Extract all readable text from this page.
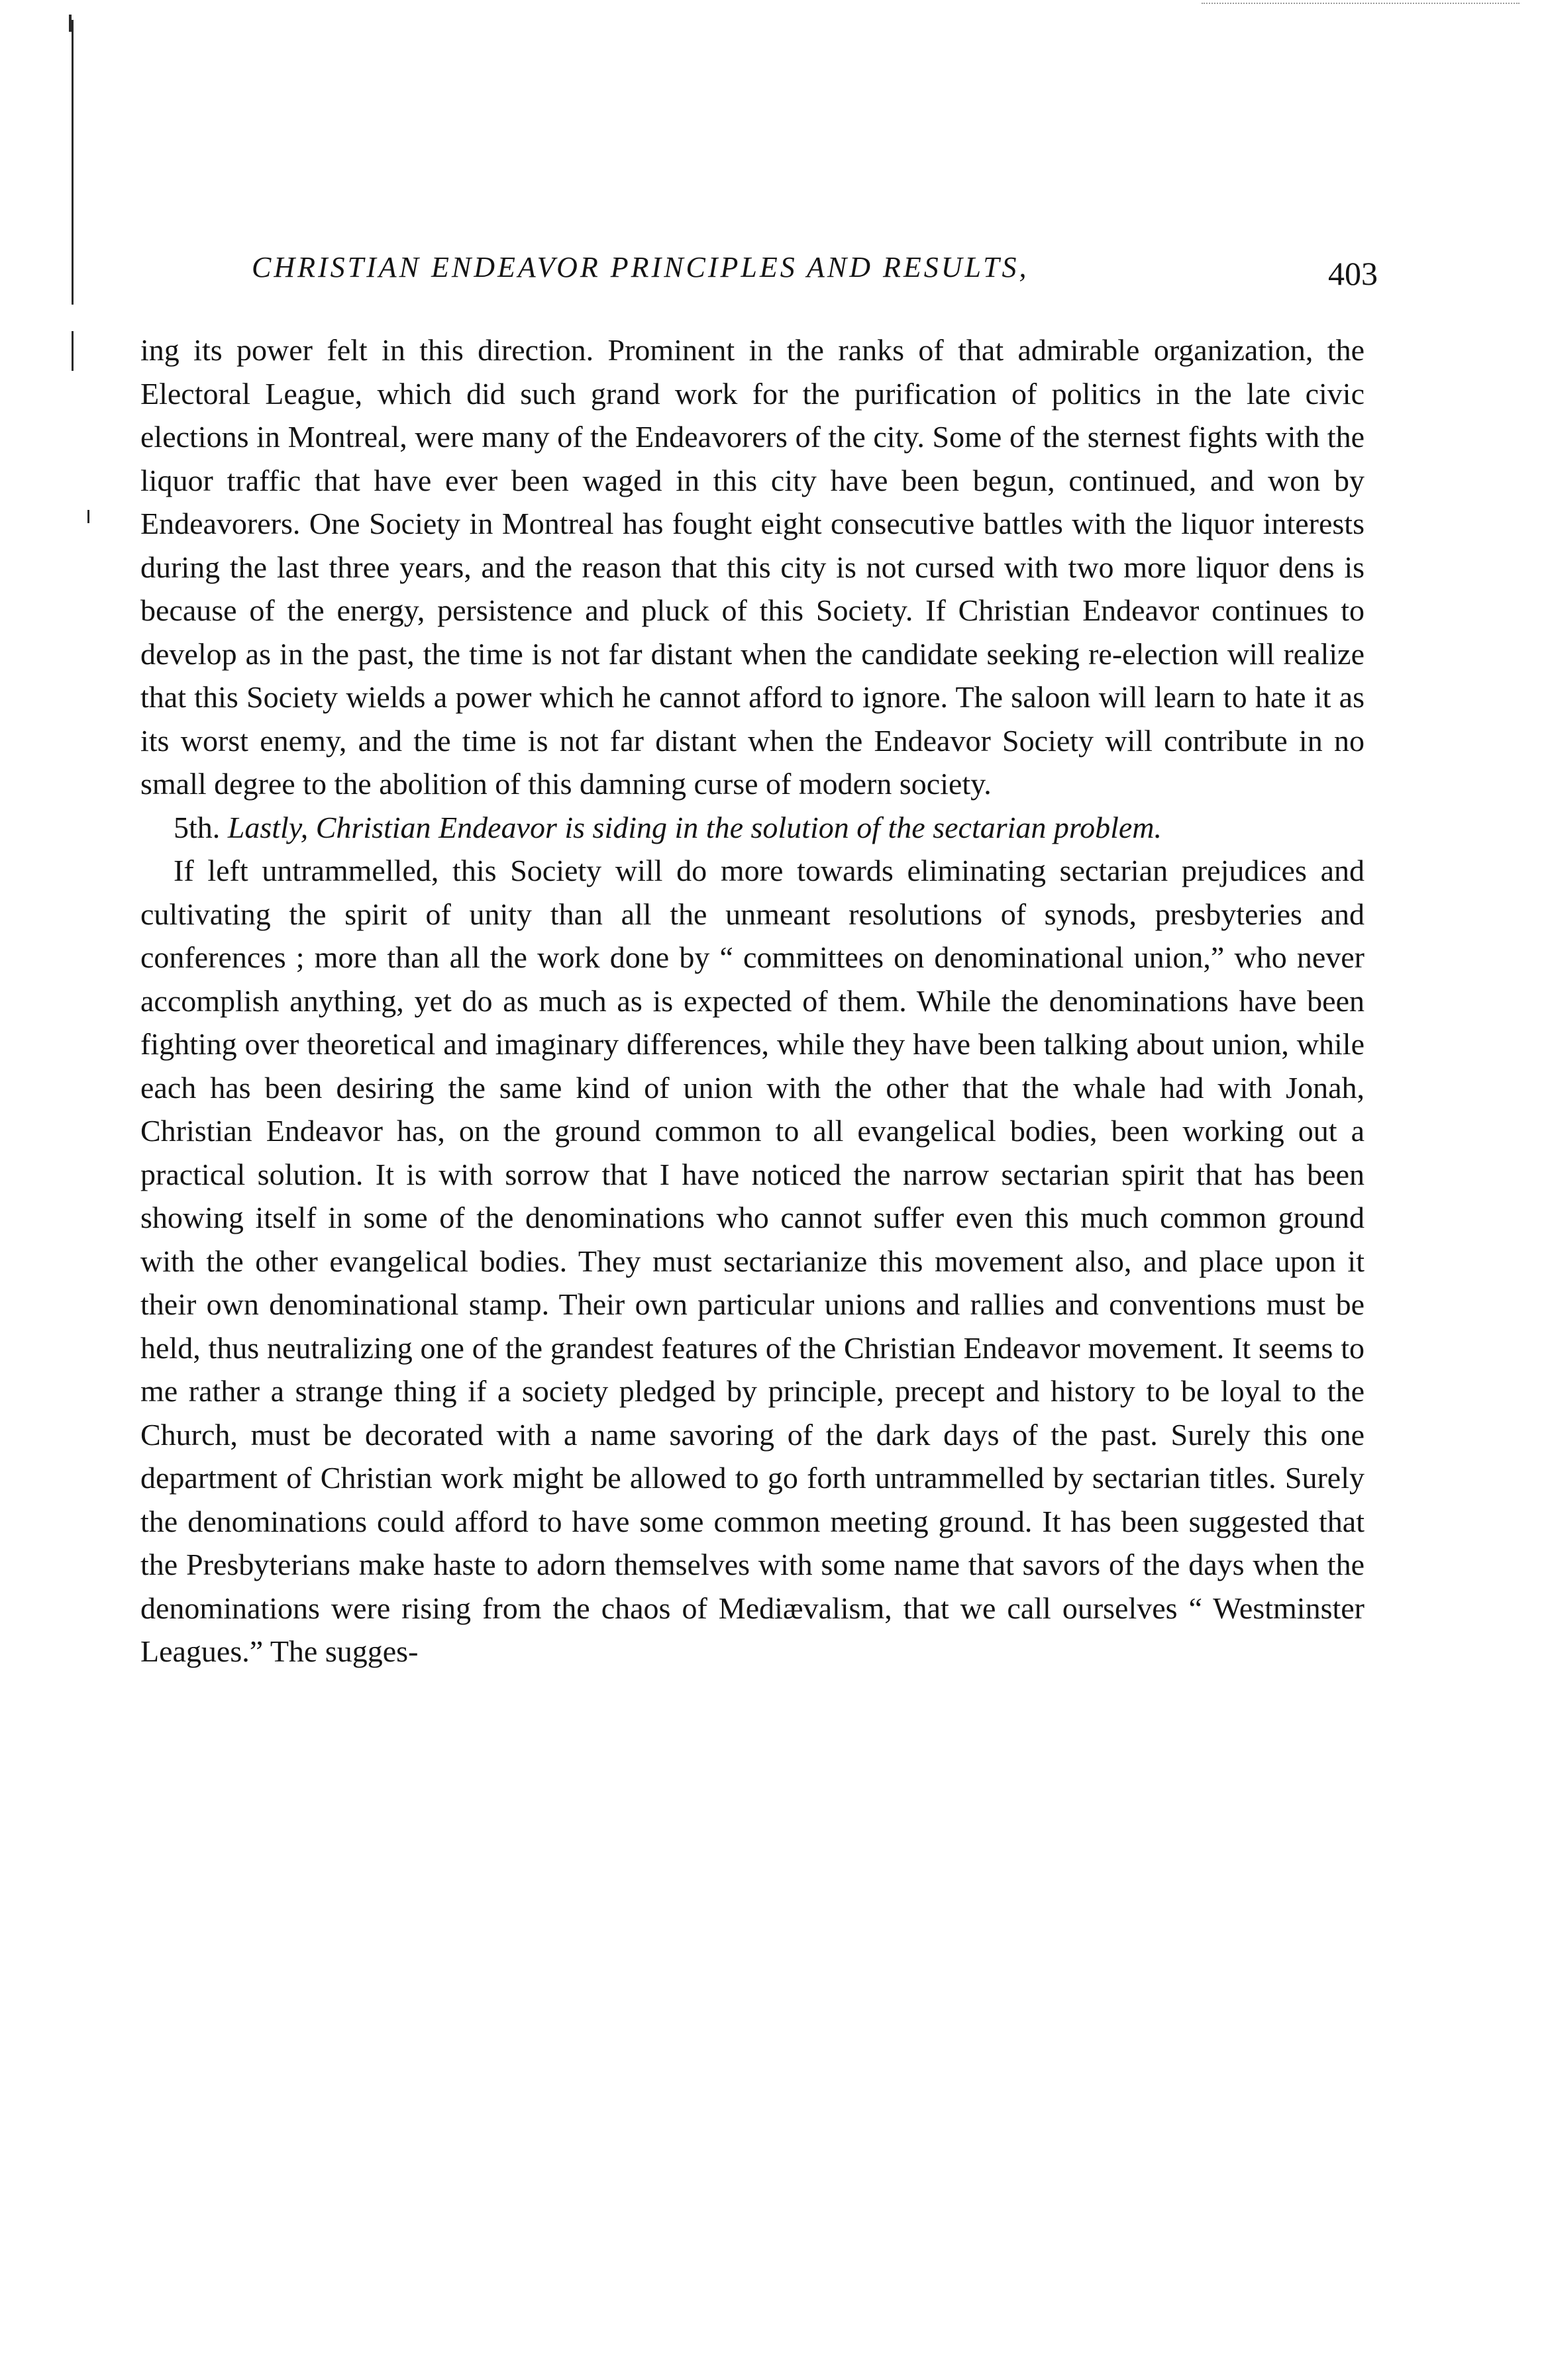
CHRISTIAN ENDEAVOR PRINCIPLES AND RESULTS,	403

ing its power felt in this direction. Prominent in the ranks of that admirable organization, the Electoral League, which did such grand work for the purification of politics in the late civic elections in Montreal, were many of the Endeavorers of the city. Some of the sternest fights with the liquor traffic that have ever been waged in this city have been begun, continued, and won by Endeavorers. One Society in Montreal has fought eight consecutive battles with the liquor interests during the last three years, and the reason that this city is not cursed with two more liquor dens is because of the energy, persistence and pluck of this Society. If Christian Endeavor continues to develop as in the past, the time is not far distant when the candidate seeking re-election will realize that this Society wields a power which he cannot afford to ignore. The saloon will learn to hate it as its worst enemy, and the time is not far distant when the Endeavor Society will contribute in no small degree to the abolition of this damning curse of modern society.

5th. Lastly, Christian Endeavor is siding in the solution of the sectarian problem.

If left untrammelled, this Society will do more towards eliminating sectarian prejudices and cultivating the spirit of unity than all the unmeant resolutions of synods, presbyteries and conferences ; more than all the work done by “ committees on denominational union,” who never accomplish anything, yet do as much as is expected of them. While the denominations have been fighting over theoretical and imaginary differences, while they have been talking about union, while each has been desiring the same kind of union with the other that the whale had with Jonah, Christian Endeavor has, on the ground common to all evangelical bodies, been working out a practical solution. It is with sorrow that I have noticed the narrow sectarian spirit that has been showing itself in some of the denominations who cannot suffer even this much common ground with the other evangelical bodies. They must sectarianize this movement also, and place upon it their own denominational stamp. Their own particular unions and rallies and conventions must be held, thus neutralizing one of the grandest features of the Christian Endeavor movement. It seems to me rather a strange thing if a society pledged by principle, precept and history to be loyal to the Church, must be decorated with a name savoring of the dark days of the past. Surely this one department of Christian work might be allowed to go forth untrammelled by sectarian titles. Surely the denominations could afford to have some common meeting ground. It has been suggested that the Presbyterians make haste to adorn themselves with some name that savors of the days when the denominations were rising from the chaos of Mediævalism, that we call ourselves “ Westminster Leagues.” The sugges-
